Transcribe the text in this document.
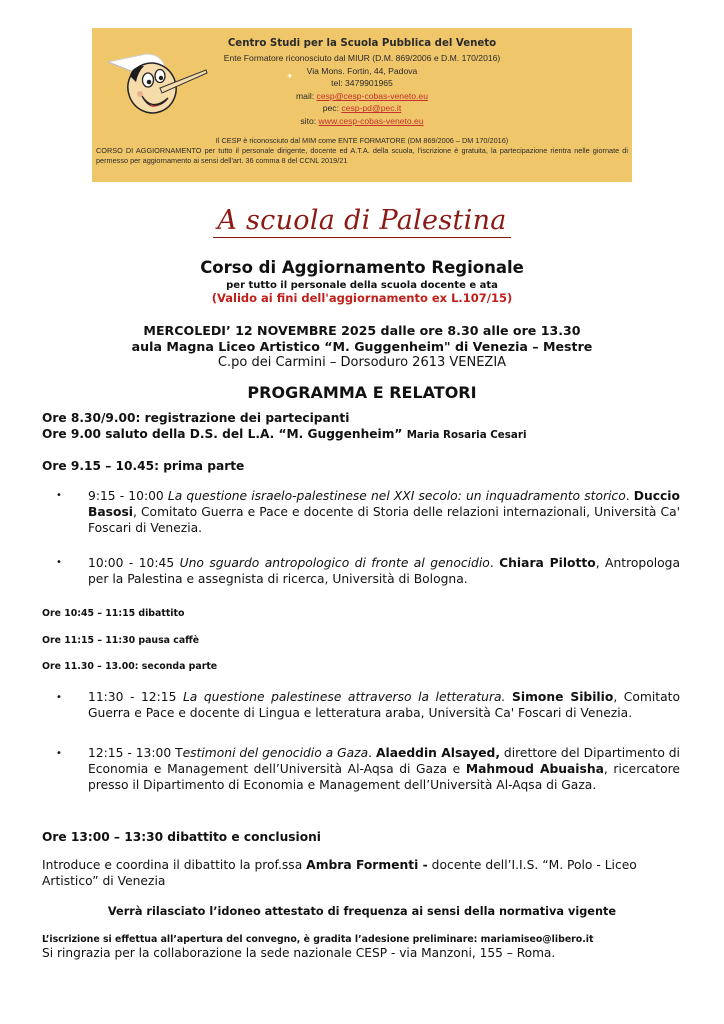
✦
Centro Studi per la Scuola Pubblica del Veneto
Ente Formatore riconosciuto dal MIUR (D.M. 869/2006 e D.M. 170/2016)
Via Mons. Fortin, 44, Padova
tel: 3479901965
mail: cesp@cesp-cobas-veneto.eu
pec: cesp-pd@pec.it
sito: www.cesp-cobas-veneto.eu
Il CESP è riconosciuto dal MIM come ENTE FORMATORE (DM 869/2006 – DM 170/2016)
CORSO DI AGGIORNAMENTO per tutto il personale dirigente, docente ed A.T.A. della scuola, l'iscrizione è gratuita, la partecipazione rientra nelle giornate di permesso per aggiornamento ai sensi dell'art. 36 comma 8 del CCNL 2019/21
A scuola di Palestina
Corso di Aggiornamento Regionale
per tutto il personale della scuola docente e ata
(Valido ai fini dell'aggiornamento ex L.107/15)
MERCOLEDI’ 12 NOVEMBRE 2025 dalle ore 8.30 alle ore 13.30
aula Magna Liceo Artistico “M. Guggenheim" di Venezia – Mestre
C.po dei Carmini – Dorsoduro 2613 VENEZIA
PROGRAMMA E RELATORI
Ore 8.30/9.00: registrazione dei partecipanti
Ore 9.00 saluto della D.S. del L.A. “M. Guggenheim” Maria Rosaria Cesari
Ore 9.15 – 10.45: prima parte
• 9:15 - 10:00 La questione israelo-palestinese nel XXI secolo: un inquadramento storico. Duccio Basosi, Comitato Guerra e Pace e docente di Storia delle relazioni internazionali, Università Ca' Foscari di Venezia.
• 10:00 - 10:45 Uno sguardo antropologico di fronte al genocidio. Chiara Pilotto, Antropologa per la Palestina e assegnista di ricerca, Università di Bologna.
Ore 10:45 – 11:15 dibattito
Ore 11:15 – 11:30 pausa caffè
Ore 11.30 – 13.00: seconda parte
• 11:30 - 12:15 La questione palestinese attraverso la letteratura. Simone Sibilio, Comitato Guerra e Pace e docente di Lingua e letteratura araba, Università Ca' Foscari di Venezia.
• 12:15 - 13:00 Testimoni del genocidio a Gaza. Alaeddin Alsayed, direttore del Dipartimento di Economia e Management dell’Università Al-Aqsa di Gaza e Mahmoud Abuaisha, ricercatore presso il Dipartimento di Economia e Management dell’Università Al-Aqsa di Gaza.
Ore 13:00 – 13:30 dibattito e conclusioni
Introduce e coordina il dibattito la prof.ssa Ambra Formenti - docente dell’I.I.S. “M. Polo - Liceo Artistico” di Venezia
Verrà rilasciato l’idoneo attestato di frequenza ai sensi della normativa vigente
L’iscrizione si effettua all’apertura del convegno, è gradita l’adesione preliminare: mariamiseo@libero.it
Si ringrazia per la collaborazione la sede nazionale CESP - via Manzoni, 155 – Roma.
